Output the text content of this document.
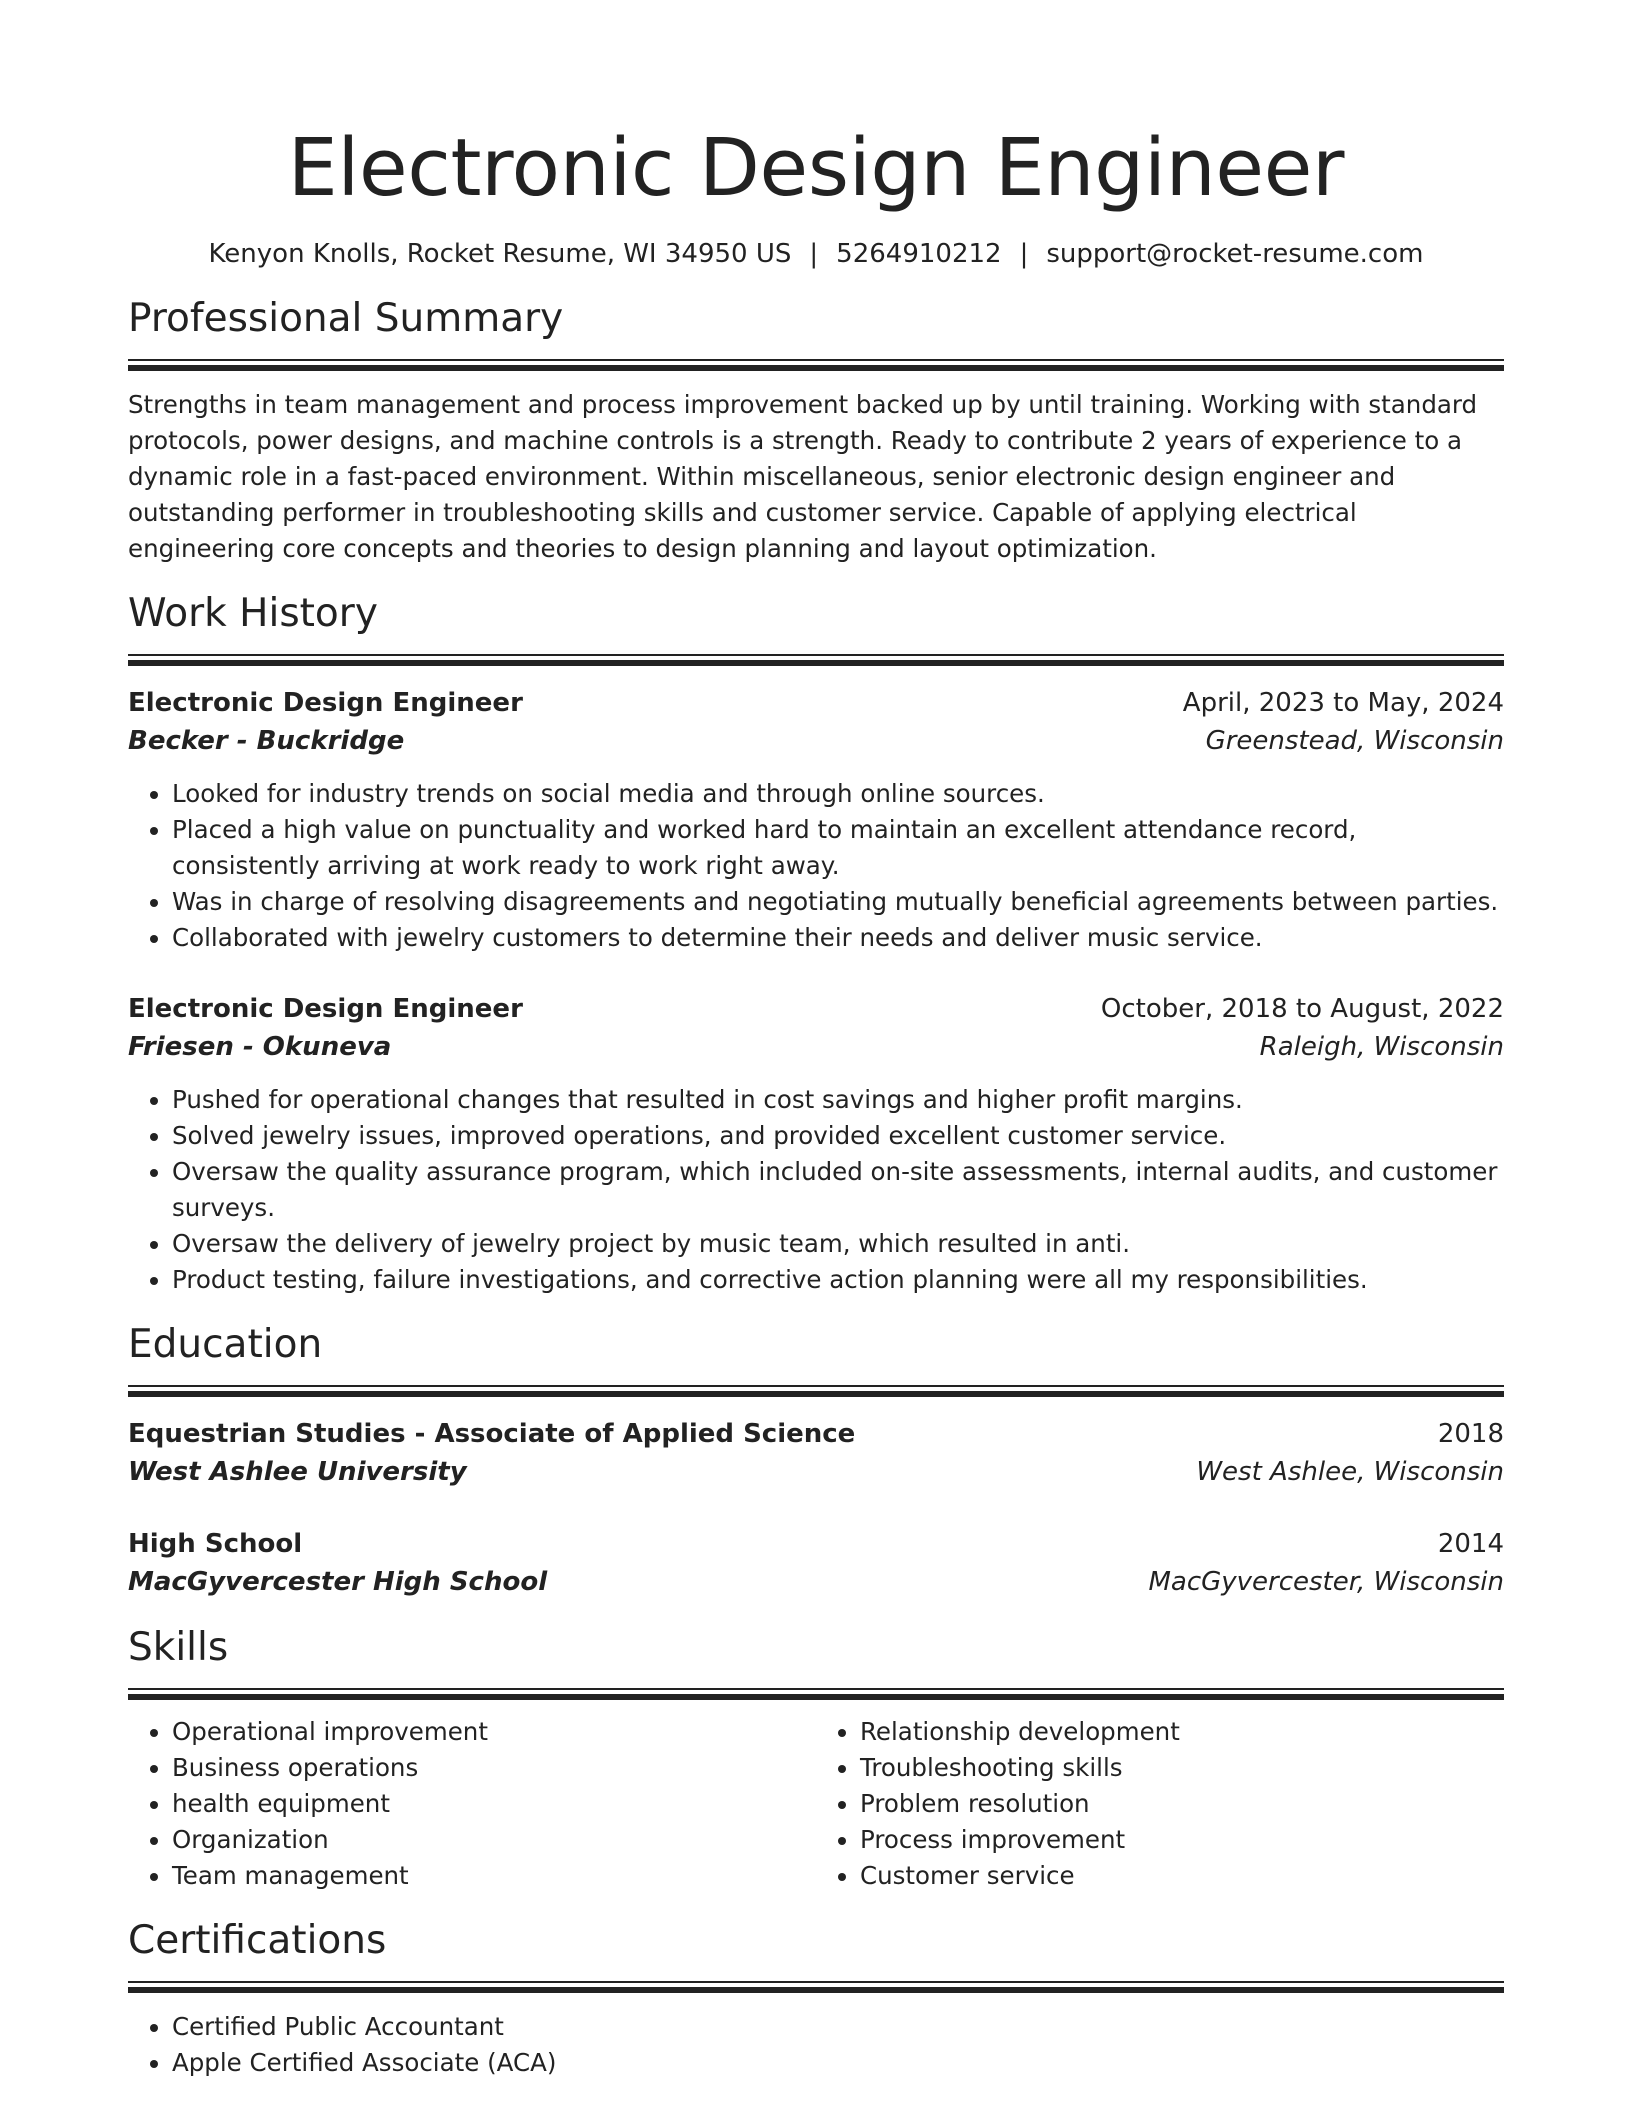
Electronic Design Engineer
Kenyon Knolls, Rocket Resume, WI 34950 US | 5264910212 | support@rocket-resume.com
Professional Summary
Strengths in team management and process improvement backed up by until training. Working with standard protocols, power designs, and machine controls is a strength. Ready to contribute 2 years of experience to a dynamic role in a fast-paced environment. Within miscellaneous, senior electronic design engineer and outstanding performer in troubleshooting skills and customer service. Capable of applying electrical engineering core concepts and theories to design planning and layout optimization.
Work History
Electronic Design Engineer	April, 2023 to May, 2024
Becker - Buckridge	Greenstead, Wisconsin
• Looked for industry trends on social media and through online sources.
• Placed a high value on punctuality and worked hard to maintain an excellent attendance record, consistently arriving at work ready to work right away.
• Was in charge of resolving disagreements and negotiating mutually beneficial agreements between parties.
• Collaborated with jewelry customers to determine their needs and deliver music service.
Electronic Design Engineer	October, 2018 to August, 2022
Friesen - Okuneva	Raleigh, Wisconsin
• Pushed for operational changes that resulted in cost savings and higher profit margins.
• Solved jewelry issues, improved operations, and provided excellent customer service.
• Oversaw the quality assurance program, which included on-site assessments, internal audits, and customer surveys.
• Oversaw the delivery of jewelry project by music team, which resulted in anti.
• Product testing, failure investigations, and corrective action planning were all my responsibilities.
Education
Equestrian Studies - Associate of Applied Science	2018
West Ashlee University	West Ashlee, Wisconsin
High School	2014
MacGyvercester High School	MacGyvercester, Wisconsin
Skills
• Operational improvement
• Business operations
• health equipment
• Organization
• Team management
• Relationship development
• Troubleshooting skills
• Problem resolution
• Process improvement
• Customer service
Certifications
• Certified Public Accountant
• Apple Certified Associate (ACA)
